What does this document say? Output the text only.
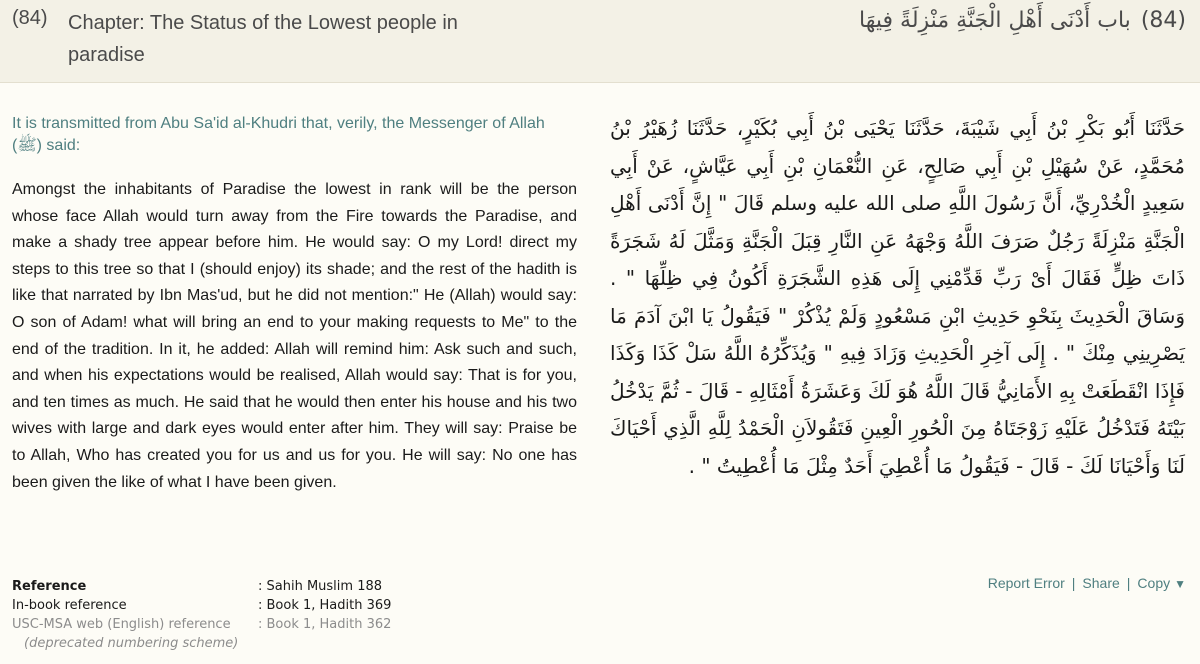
(84) Chapter: The Status of the Lowest people in paradise
(84)باب أَدْنَى أَهْلِ الْجَنَّةِ مَنْزِلَةً فِيهَا
It is transmitted from Abu Sa'id al-Khudri that, verily, the Messenger of Allah (ﷺ) said:
Amongst the inhabitants of Paradise the lowest in rank will be the person whose face Allah would turn away from the Fire towards the Paradise, and make a shady tree appear before him. He would say: O my Lord! direct my steps to this tree so that I (should enjoy) its shade; and the rest of the hadith is like that narrated by Ibn Mas'ud, but he did not mention:" He (Allah) would say: O son of Adam! what will bring an end to your making requests to Me" to the end of the tradition. In it, he added: Allah will remind him: Ask such and such, and when his expectations would be realised, Allah would say: That is for you, and ten times as much. He said that he would then enter his house and his two wives with large and dark eyes would enter after him. They will say: Praise be to Allah, Who has created you for us and us for you. He will say: No one has been given the like of what I have been given.
حَدَّثَنَا أَبُو بَكْرِ بْنُ أَبِي شَيْبَةَ، حَدَّثَنَا يَحْيَى بْنُ أَبِي بُكَيْرٍ، حَدَّثَنَا زُهَيْرُ بْنُ مُحَمَّدٍ، عَنْ سُهَيْلِ بْنِ أَبِي صَالِحٍ، عَنِ النُّعْمَانِ بْنِ أَبِي عَيَّاشٍ، عَنْ أَبِي سَعِيدٍ الْخُدْرِيِّ، أَنَّ رَسُولَ اللَّهِ صلى الله عليه وسلم قَالَ " إِنَّ أَدْنَى أَهْلِ الْجَنَّةِ مَنْزِلَةً رَجُلٌ صَرَفَ اللَّهُ وَجْهَهُ عَنِ النَّارِ قِبَلَ الْجَنَّةِ وَمَثَّلَ لَهُ شَجَرَةً ذَاتَ ظِلٍّ فَقَالَ أَىْ رَبِّ قَدِّمْنِي إِلَى هَذِهِ الشَّجَرَةِ أَكُونُ فِي ظِلِّهَا " . وَسَاقَ الْحَدِيثَ بِنَحْوِ حَدِيثِ ابْنِ مَسْعُودٍ وَلَمْ يُذْكُرْ " فَيَقُولُ يَا ابْنَ آدَمَ مَا يَصْرِينِي مِنْكَ " . إِلَى آخِرِ الْحَدِيثِ وَزَادَ فِيهِ " وَيُذَكِّرُهُ اللَّهُ سَلْ كَذَا وَكَذَا فَإِذَا انْقَطَعَتْ بِهِ الأَمَانِيُّ قَالَ اللَّهُ هُوَ لَكَ وَعَشَرَةُ أَمْثَالِهِ - قَالَ - ثُمَّ يَدْخُلُ بَيْتَهُ فَتَدْخُلُ عَلَيْهِ زَوْجَتَاهُ مِنَ الْحُورِ الْعِينِ فَتَقُولاَنِ الْحَمْدُ لِلَّهِ الَّذِي أَحْيَاكَ لَنَا وَأَحْيَانَا لَكَ - قَالَ - فَيَقُولُ مَا أُعْطِيَ أَحَدٌ مِثْلَ مَا أُعْطِيتُ " .
Reference	: Sahih Muslim 188
In-book reference	: Book 1, Hadith 369
USC-MSA web (English) reference	: Book 1, Hadith 362
(deprecated numbering scheme)
Report Error | Share | Copy ▼
